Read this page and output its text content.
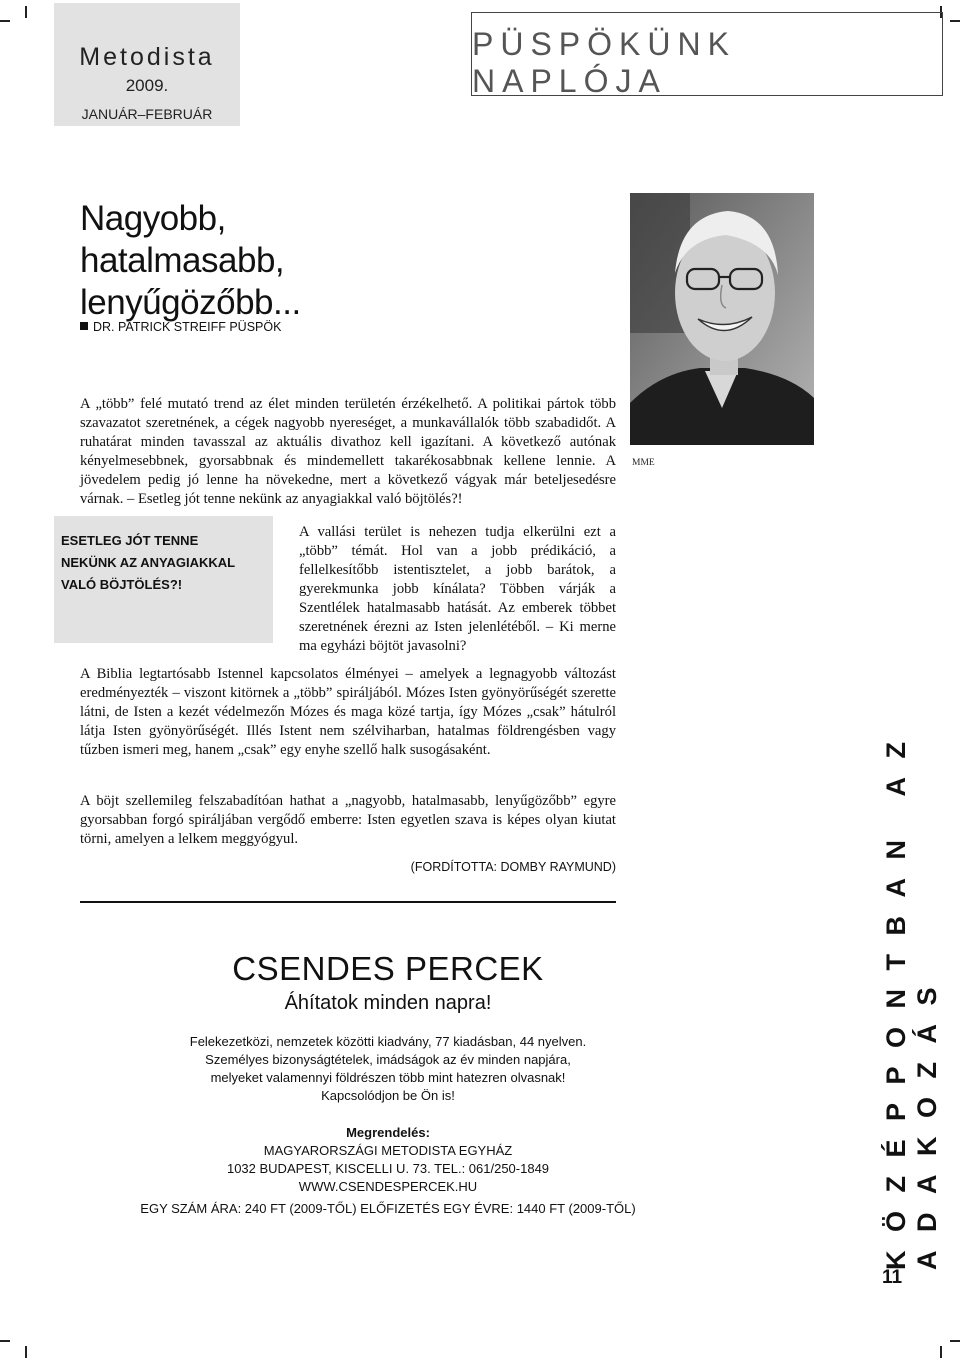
Metodista
2009.
JANUÁR–FEBRUÁR
PÜSPÖKÜNK NAPLÓJA
Nagyobb,
hatalmasabb,
lenyűgözőbb...
DR. PATRICK STREIFF PÜSPÖK
MME

A „több” felé mutató trend az élet minden területén érzékelhető. A politikai pártok több szavazatot szeretnének, a cégek nagyobb nyereséget, a munkavállalók több szabadidőt. A ruhatárat minden tavasszal az aktuális divathoz kell igazítani. A következő autónak kényelmesebbnek, gyorsabbnak és mindemellett takarékosabbnak kellene lennie. A jövedelem pedig jó lenne ha növekedne, mert a következő vágyak már beteljesedésre várnak. – Esetleg jót tenne nekünk az anyagiakkal való böjtölés?!

ESETLEG JÓT TENNE
NEKÜNK AZ ANYAGIAKKAL
VALÓ BÖJTÖLÉS?!

A vallási terület is nehezen tudja elkerülni ezt a „több” témát. Hol van a jobb prédikáció, a fellelkesítőbb istentisztelet, a jobb barátok, a gyerekmunka jobb kínálata? Többen várják a Szentlélek hatalmasabb hatását. Az emberek többet szeretnének érezni az Isten jelenlétéből. – Ki merne ma egyházi böjtöt javasolni?

A Biblia legtartósabb Istennel kapcsolatos élményei – amelyek a legnagyobb változást eredményezték – viszont kitörnek a „több” spiráljából. Mózes Isten gyönyörűségét szerette látni, de Isten a kezét védelmezőn Mózes és maga közé tartja, így Mózes „csak” hátulról látja Isten gyönyörűségét. Illés Istent nem szélviharban, hatalmas földrengésben vagy tűzben ismeri meg, hanem „csak” egy enyhe szellő halk susogásaként.

A böjt szellemileg felszabadítóan hathat a „nagyobb, hatalmasabb, lenyűgözőbb” egyre gyorsabban forgó spiráljában vergődő emberre: Isten egyetlen szava is képes olyan kiutat törni, amelyen a lelkem meggyógyul.

(FORDÍTOTTA: DOMBY RAYMUND)
CSENDES PERCEK
Áhítatok minden napra!
Felekezetközi, nemzetek közötti kiadvány, 77 kiadásban, 44 nyelven.
Személyes bizonyságtételek, imádságok az év minden napjára,
melyeket valamennyi földrészen több mint hatezren olvasnak!
Kapcsolódjon be Ön is!
Megrendelés:
MAGYARORSZÁGI METODISTA EGYHÁZ
1032 BUDAPEST, KISCELLI U. 73. TEL.: 061/250-1849
WWW.CSENDESPERCEK.HU
EGY SZÁM ÁRA: 240 FT (2009-TŐL) ELŐFIZETÉS EGY ÉVRE: 1440 FT (2009-TŐL)	KÖZÉPPONTBAN AZ ADAKOZÁS
11
